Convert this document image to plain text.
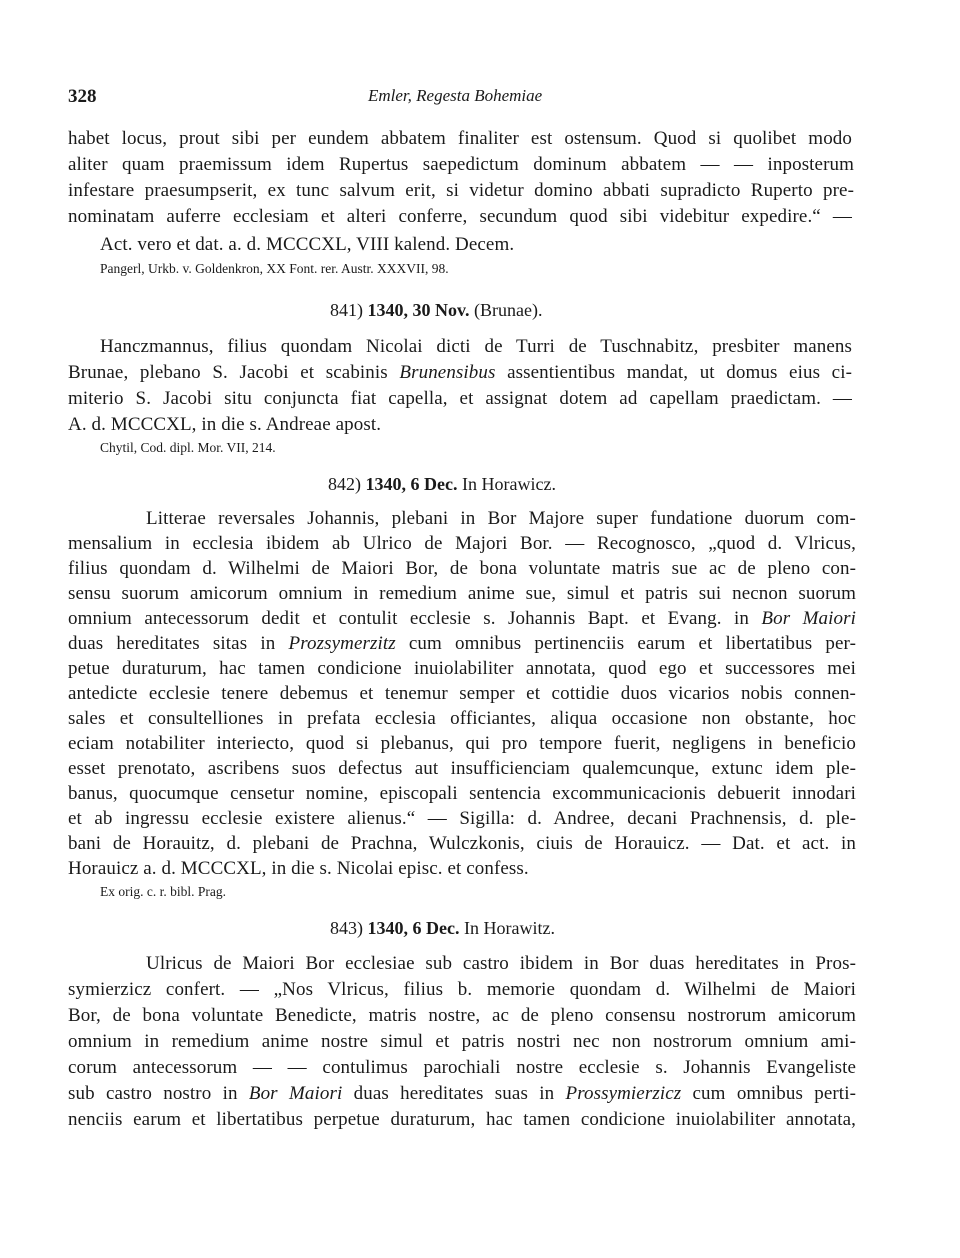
328	Emler, Regesta Bohemiae
habet locus, prout sibi per eundem abbatem finaliter est ostensum. Quod si quolibet modo
aliter quam praemissum idem Rupertus saepedictum dominum abbatem — — inposterum
infestare praesumpserit, ex tunc salvum erit, si videtur domino abbati supradicto Ruperto pre-
nominatam auferre ecclesiam et alteri conferre, secundum quod sibi videbitur expedire.“ —
Act. vero et dat. a. d. MCCCXL, VIII kalend. Decem.
Pangerl, Urkb. v. Goldenkron, XX Font. rer. Austr. XXXVII, 98.
841) 1340, 30 Nov. (Brunae).
Hanczmannus, filius quondam Nicolai dicti de Turri de Tuschnabitz, presbiter manens
Brunae, plebano S. Jacobi et scabinis Brunensibus assentientibus mandat, ut domus eius ci-
miterio S. Jacobi situ conjuncta fiat capella, et assignat dotem ad capellam praedictam. —
A. d. MCCCXL, in die s. Andreae apost.
Chytil, Cod. dipl. Mor. VII, 214.
842) 1340, 6 Dec. In Horawicz.
Litterae reversales Johannis, plebani in Bor Majore super fundatione duorum com-
mensalium in ecclesia ibidem ab Ulrico de Majori Bor. — Recognosco, „quod d. Vlricus,
filius quondam d. Wilhelmi de Maiori Bor, de bona voluntate matris sue ac de pleno con-
sensu suorum amicorum omnium in remedium anime sue, simul et patris sui necnon suorum
omnium antecessorum dedit et contulit ecclesie s. Johannis Bapt. et Evang. in Bor Maiori
duas hereditates sitas in Prozsymerzitz cum omnibus pertinenciis earum et libertatibus per-
petue duraturum, hac tamen condicione inuiolabiliter annotata, quod ego et successores mei
antedicte ecclesie tenere debemus et tenemur semper et cottidie duos vicarios nobis connen-
sales et consultelliones in prefata ecclesia officiantes, aliqua occasione non obstante, hoc
eciam notabiliter interiecto, quod si plebanus, qui pro tempore fuerit, negligens in beneficio
esset prenotato, ascribens suos defectus aut insufficienciam qualemcunque, extunc idem ple-
banus, quocumque censetur nomine, episcopali sentencia excommunicacionis debuerit innodari
et ab ingressu ecclesie existere alienus.“ — Sigilla: d. Andree, decani Prachnensis, d. ple-
bani de Horauitz, d. plebani de Prachna, Wulczkonis, ciuis de Horauicz. — Dat. et act. in
Horauicz a. d. MCCCXL, in die s. Nicolai episc. et confess.
Ex orig. c. r. bibl. Prag.
843) 1340, 6 Dec. In Horawitz.
Ulricus de Maiori Bor ecclesiae sub castro ibidem in Bor duas hereditates in Pros-
symierzicz confert. — „Nos Vlricus, filius b. memorie quondam d. Wilhelmi de Maiori
Bor, de bona voluntate Benedicte, matris nostre, ac de pleno consensu nostrorum amicorum
omnium in remedium anime nostre simul et patris nostri nec non nostrorum omnium ami-
corum antecessorum — — contulimus parochiali nostre ecclesie s. Johannis Evangeliste
sub castro nostro in Bor Maiori duas hereditates suas in Prossymierzicz cum omnibus perti-
nenciis earum et libertatibus perpetue duraturum, hac tamen condicione inuiolabiliter annotata,
